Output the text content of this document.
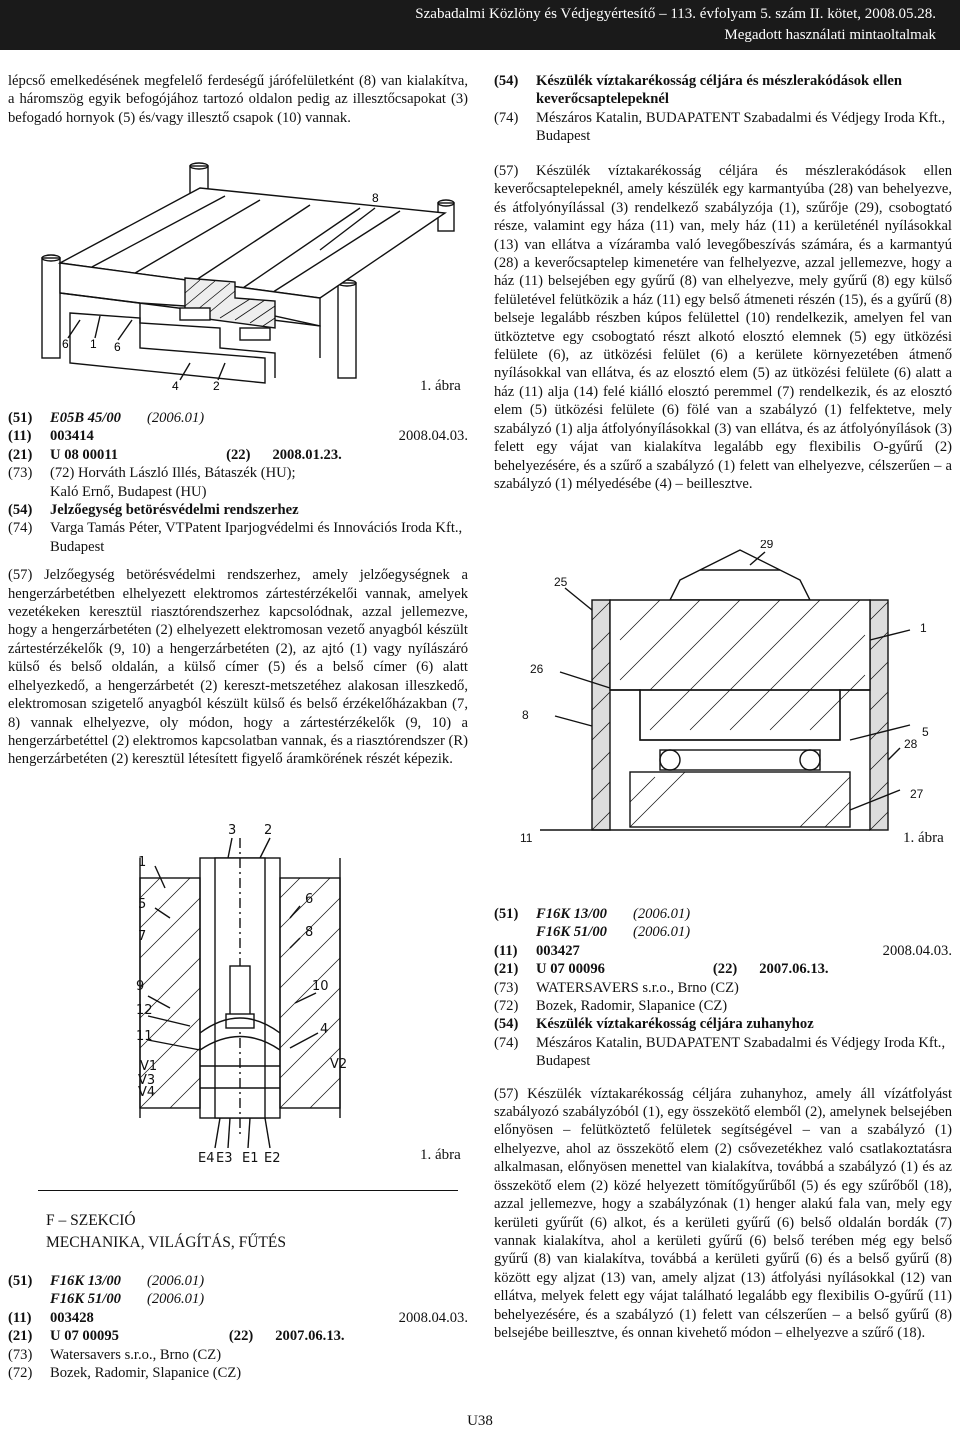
Szabadalmi Közlöny és Védjegyértesítő – 113. évfolyam 5. szám II. kötet, 2008.05.28.
Megadott használati mintaoltalmak

lépcső emelkedésének megfelelő ferdeségű járófelületként (8) van kialakítva, a háromszög egyik befogójához tartozó oldalon pedig az illesztőcsapokat (3) befogadó hornyok (5) és/vagy illesztő csapok (10) vannak.

8
6 1 6
4	2	1. ábra
(51)	E05B 45/00 (2006.01)
(11)	003414	2008.04.03.
(21)	U 08 00011	(22) 2008.01.23.
(73)	(72) Horváth László Illés, Bátaszék (HU);
Kaló Ernő, Budapest (HU)
(54)	Jelzőegység betörésvédelmi rendszerhez
(74)	Varga Tamás Péter, VTPatent Iparjogvédelmi és Innovációs Iroda Kft., Budapest

(57) Jelzőegység betörésvédelmi rendszerhez, amely jelzőegységnek a hengerzárbetétben elhelyezett elektromos zártestérzékelői vannak, amelyek vezetékeken keresztül riasztórendszerhez kapcsolódnak, azzal jellemezve, hogy a hengerzárbetéten (2) elhelyezett elektromosan vezető anyagból készült zártestérzékelők (9, 10) a hengerzárbetéten (2), az ajtó (1) vagy nyílászáró külső és belső oldalán, a külső címer (5) és a belső címer (6) alatt elhelyezkedő, a hengerzárbetét (2) kereszt-metszetéhez alakosan illeszkedő, elektromosan szigetelő anyagból készült külső és belső érzékelőházakban (7, 8) vannak elhelyezve, oly módon, hogy a zártestérzékelők (9, 10) a hengerzárbetéttel (2) elektromos kapcsolatban vannak, és a riasztórendszer (R) hengerzárbetéten (2) keresztül létesített figyelő áramkörének részét képezik.

3 2
1
5
7
6
8
9	10
12
11	4
V1
V3
V4
V2
E4 E3 E1 E2	1. ábra
F – SZEKCIÓ
MECHANIKA, VILÁGÍTÁS, FŰTÉS
(51)	F16K 13/00 (2006.01)
F16K 51/00 (2006.01)
(11)	003428	2008.04.03.
(21)	U 07 00095	(22) 2007.06.13.
(73)	Watersavers s.r.o., Brno (CZ)
(72)	Bozek, Radomir, Slapanice (CZ)
(54)	Készülék víztakarékosság céljára és mészlerakódások ellen keverőcsaptelepeknél
(74)	Mészáros Katalin, BUDAPATENT Szabadalmi és Védjegy Iroda Kft., Budapest

(57) Készülék víztakarékosság céljára és mészlerakódások ellen keverőcsaptelepeknél, amely készülék egy karmantyúba (28) van behelyezve, és átfolyónyílással (3) rendelkező szabályzója (1), szűrője (29), csobogtató része, valamint egy háza (11) van, mely ház (11) a kerületénél nyílásokkal (13) van ellátva a vízáramba való levegőbeszívás számára, és a karmantyú (28) a keverőcsaptelep kimenetére van felhelyezve, azzal jellemezve, hogy a ház (11) belsejében egy gyűrű (8) van elhelyezve, mely gyűrű (8) egy külső felületével felütközik a ház (11) egy belső átmeneti részén (15), és a gyűrű (8) belseje legalább részben kúpos felülettel (10) rendelkezik, amelyen fel van ütköztetve egy csobogtató részt alkotó elosztó elemnek (5) egy ütközési felülete (6), az ütközési felület (6) a kerülete környezetében átmenő nyílásokkal van ellátva, és az elosztó elem (5) az ütközési felülete (6) alatt a ház (11) alja (14) felé kiálló elosztó peremmel (7) rendelkezik, és az elosztó elem (5) ütközési felülete (6) fölé van a szabályzó (1) felfektetve, mely szabályzó (1) alja átfolyónyílásokkal (3) van ellátva, és az átfolyónyílások (3) felett egy vájat van kialakítva legalább egy flexibilis O-gyűrű (2) behelyezésére, és a szűrő a szabályzó (1) felett van elhelyezve, célszerűen – a szabályzó (1) mélyedésébe (4) – beillesztve.

29
25
1
26
8
5
28
27
11	1. ábra
(51)	F16K 13/00 (2006.01)
F16K 51/00 (2006.01)
(11)	003427	2008.04.03.
(21)	U 07 00096	(22) 2007.06.13.
(73)	WATERSAVERS s.r.o., Brno (CZ)
(72)	Bozek, Radomir, Slapanice (CZ)
(54)	Készülék víztakarékosság céljára zuhanyhoz
(74)	Mészáros Katalin, BUDAPATENT Szabadalmi és Védjegy Iroda Kft., Budapest

(57) Készülék víztakarékosság céljára zuhanyhoz, amely áll vízátfolyást szabályozó szabályzóból (1), egy összekötő elemből (2), amelynek belsejében előnyösen – felütköztető felületek segítségével – van a szabályzó (1) elhelyezve, ahol az összekötő elem (2) csővezetékhez való csatlakoztatásra alkalmasan, előnyösen menettel van kialakítva, továbbá a szabályzó (1) és az összekötő elem (2) közé helyezett tömítőgyűrűből (5) és egy szűrőből (18), azzal jellemezve, hogy a szabályzónak (1) henger alakú fala van, mely egy kerületi gyűrűt (6) alkot, és a kerületi gyűrű (6) belső oldalán bordák (7) vannak kialakítva, ahol a kerületi gyűrű (6) belső terében még egy belső gyűrű (8) van kialakítva, továbbá a kerületi gyűrű (6) és a belső gyűrű (8) között egy aljzat (13) van, amely aljzat (13) átfolyási nyílásokkal (12) van ellátva, melyek felett egy vájat található legalább egy flexibilis O-gyűrű (11) behelyezésére, és a szabályzó (1) felett van célszerűen – a belső gyűrű (8) belsejébe beillesztve, és onnan kivehető módon – elhelyezve a szűrő (18).

U38
